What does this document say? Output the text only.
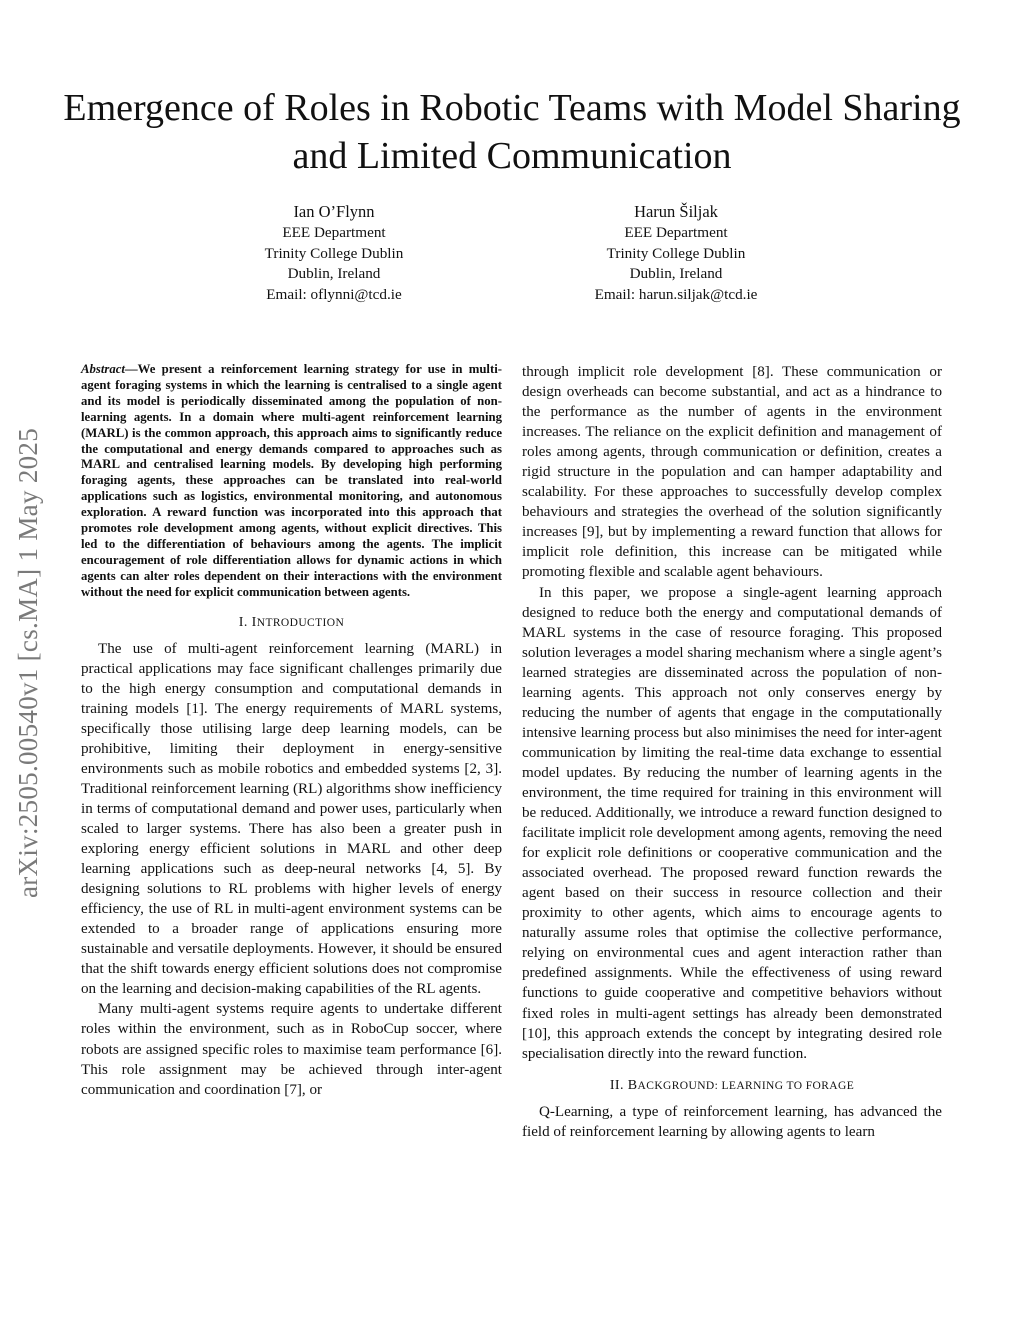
Emergence of Roles in Robotic Teams with Model Sharing and Limited Communication
Ian O’Flynn
EEE Department
Trinity College Dublin
Dublin, Ireland
Email: oflynni@tcd.ie
Harun Šiljak
EEE Department
Trinity College Dublin
Dublin, Ireland
Email: harun.siljak@tcd.ie
arXiv:2505.00540v1 [cs.MA] 1 May 2025

Abstract—We present a reinforcement learning strategy for use in multi-agent foraging systems in which the learning is centralised to a single agent and its model is periodically disseminated among the population of non-learning agents. In a domain where multi-agent reinforcement learning (MARL) is the common approach, this approach aims to significantly reduce the computational and energy demands compared to approaches such as MARL and centralised learning models. By developing high performing foraging agents, these approaches can be translated into real-world applications such as logistics, environmental monitoring, and autonomous exploration. A reward function was incorporated into this approach that promotes role development among agents, without explicit directives. This led to the differentiation of behaviours among the agents. The implicit encouragement of role differentiation allows for dynamic actions in which agents can alter roles dependent on their interactions with the environment without the need for explicit communication between agents.

I. INTRODUCTION

The use of multi-agent reinforcement learning (MARL) in practical applications may face significant challenges primarily due to the high energy consumption and computational demands in training models [1]. The energy requirements of MARL systems, specifically those utilising large deep learning models, can be prohibitive, limiting their deployment in energy-sensitive environments such as mobile robotics and embedded systems [2, 3]. Traditional reinforcement learning (RL) algorithms show inefficiency in terms of computational demand and power uses, particularly when scaled to larger systems. There has also been a greater push in exploring energy efficient solutions in MARL and other deep learning applications such as deep-neural networks [4, 5]. By designing solutions to RL problems with higher levels of energy efficiency, the use of RL in multi-agent environment systems can be extended to a broader range of applications ensuring more sustainable and versatile deployments. However, it should be ensured that the shift towards energy efficient solutions does not compromise on the learning and decision-making capabilities of the RL agents.

Many multi-agent systems require agents to undertake different roles within the environment, such as in RoboCup soccer, where robots are assigned specific roles to maximise team performance [6]. This role assignment may be achieved through inter-agent communication and coordination [7], or

through implicit role development [8]. These communication or design overheads can become substantial, and act as a hindrance to the performance as the number of agents in the environment increases. The reliance on the explicit definition and management of roles among agents, through communication or definition, creates a rigid structure in the population and can hamper adaptability and scalability. For these approaches to successfully develop complex behaviours and strategies the overhead of the solution significantly increases [9], but by implementing a reward function that allows for implicit role definition, this increase can be mitigated while promoting flexible and scalable agent behaviours.

In this paper, we propose a single-agent learning approach designed to reduce both the energy and computational demands of MARL systems in the case of resource foraging. This proposed solution leverages a model sharing mechanism where a single agent’s learned strategies are disseminated across the population of non-learning agents. This approach not only conserves energy by reducing the number of agents that engage in the computationally intensive learning process but also minimises the need for inter-agent communication by limiting the real-time data exchange to essential model updates. By reducing the number of learning agents in the environment, the time required for training in this environment will be reduced. Additionally, we introduce a reward function designed to facilitate implicit role development among agents, removing the need for explicit role definitions or cooperative communication and the associated overhead. The proposed reward function rewards the agent based on their success in resource collection and their proximity to other agents, which aims to encourage agents to naturally assume roles that optimise the collective performance, relying on environmental cues and agent interaction rather than predefined assignments. While the effectiveness of using reward functions to guide cooperative and competitive behaviors without fixed roles in multi-agent settings has already been demonstrated [10], this approach extends the concept by integrating desired role specialisation directly into the reward function.

II. BACKGROUND: LEARNING TO FORAGE

Q-Learning, a type of reinforcement learning, has advanced the field of reinforcement learning by allowing agents to learn
